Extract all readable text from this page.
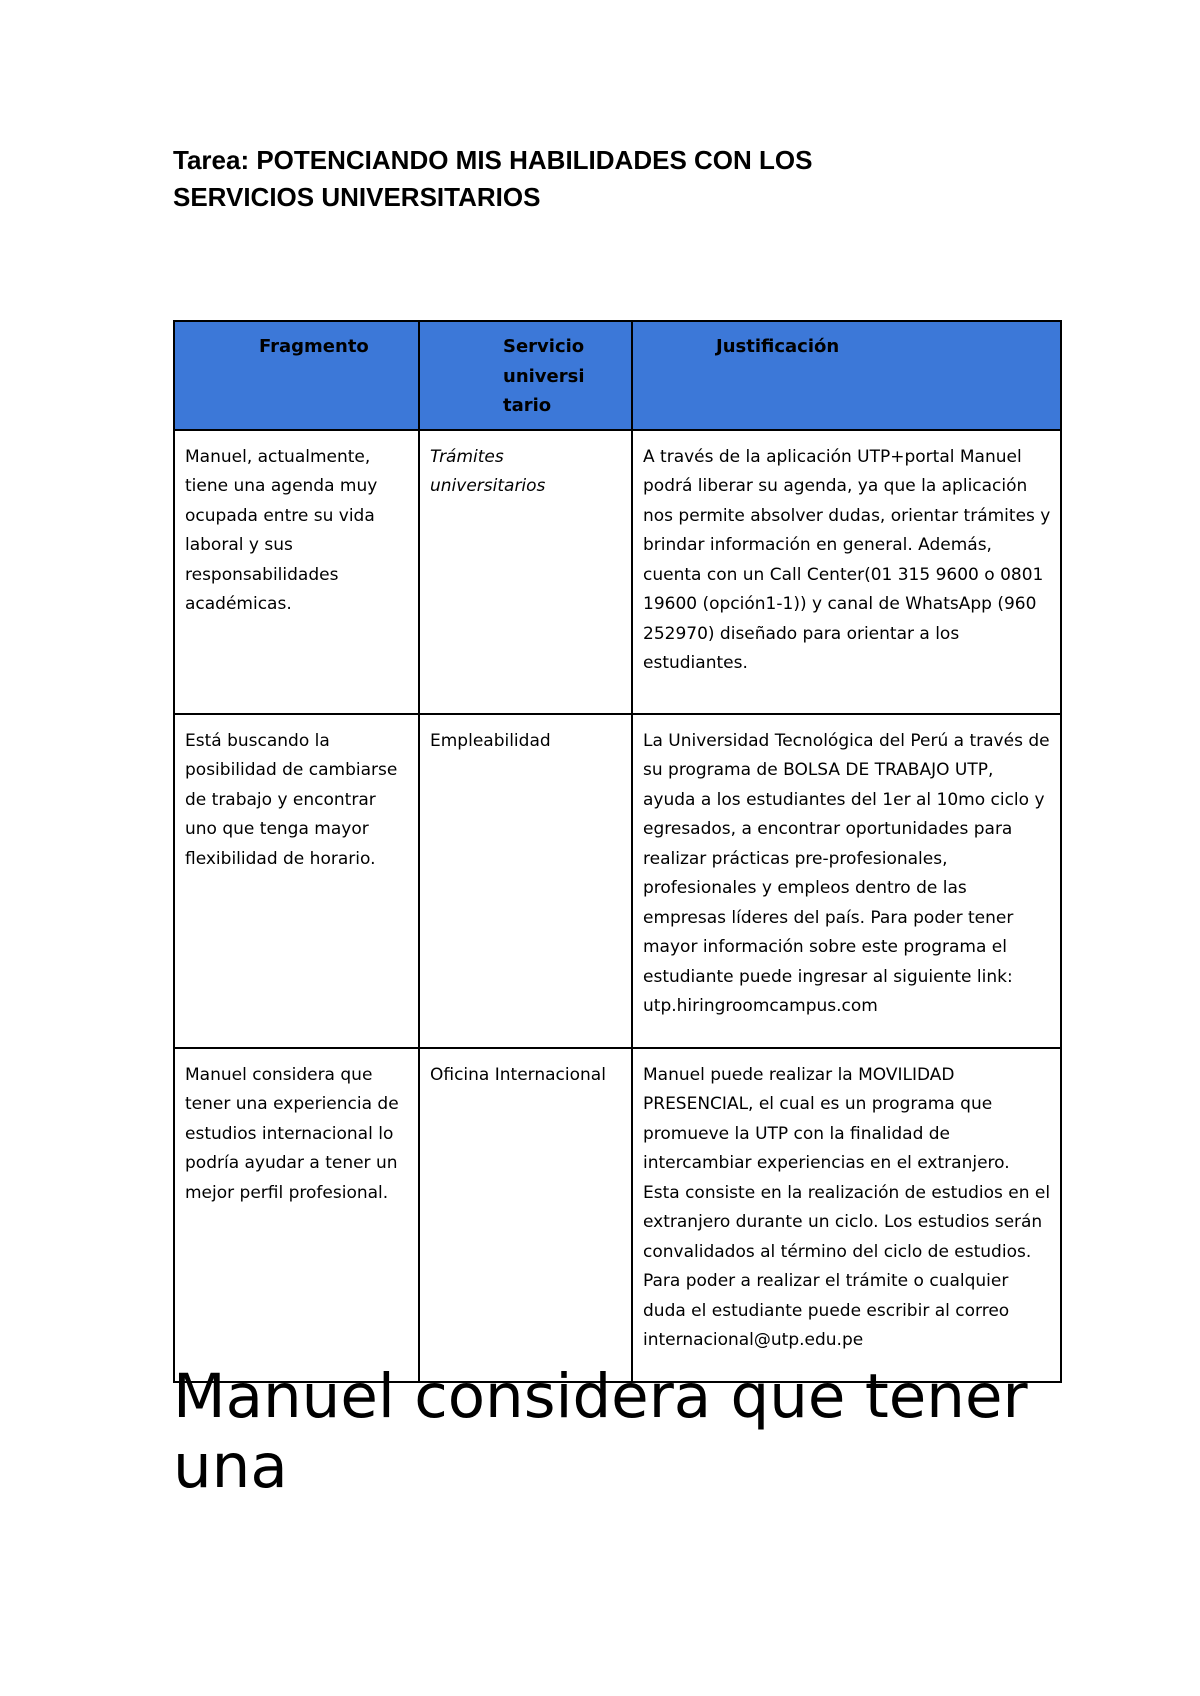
Tarea: POTENCIANDO MIS HABILIDADES CON LOS
SERVICIOS UNIVERSITARIOS
Fragmento	Servicio universitario	Justificación
Manuel, actualmente, tiene una agenda muy ocupada entre su vida laboral y sus responsabilidades académicas.	Trámites universitarios	A través de la aplicación UTP+portal Manuel podrá liberar su agenda, ya que la aplicación nos permite absolver dudas, orientar trámites y brindar información en general. Además, cuenta con un Call Center(01 315 9600 o 0801 19600 (opción1-1)) y canal de WhatsApp (960 252970) diseñado para orientar a los estudiantes.
Está buscando la posibilidad de cambiarse de trabajo y encontrar uno que tenga mayor flexibilidad de horario.	Empleabilidad	La Universidad Tecnológica del Perú a través de su programa de BOLSA DE TRABAJO UTP, ayuda a los estudiantes del 1er al 10mo ciclo y egresados, a encontrar oportunidades para realizar prácticas pre-profesionales, profesionales y empleos dentro de las empresas líderes del país. Para poder tener mayor información sobre este programa el estudiante puede ingresar al siguiente link: utp.hiringroomcampus.com
Manuel considera que tener una experiencia de estudios internacional lo podría ayudar a tener un mejor perfil profesional.	Oficina Internacional	Manuel puede realizar la MOVILIDAD PRESENCIAL, el cual es un programa que promueve la UTP con la finalidad de intercambiar experiencias en el extranjero. Esta consiste en la realización de estudios en el extranjero durante un ciclo. Los estudios serán convalidados al término del ciclo de estudios. Para poder a realizar el trámite o cualquier duda el estudiante puede escribir al correo internacional@utp.edu.pe

Manuel considera que tener una
